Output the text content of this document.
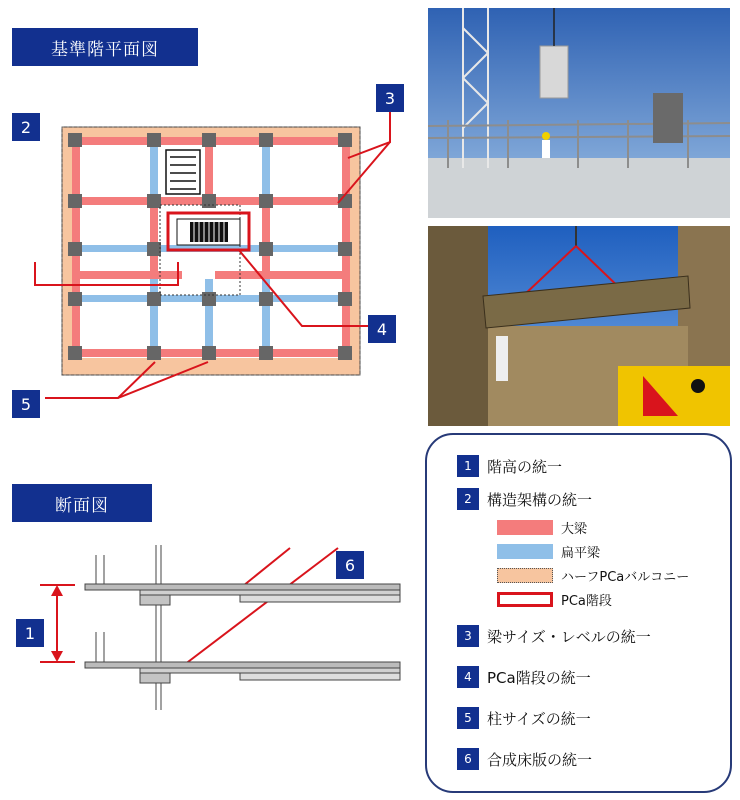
基準階平面図
断面図
2
3
4
5
6
1
1	階高の統一
2	構造架構の統一
大梁
扁平梁
ハーフPCaバルコニー
PCa階段
3	梁サイズ・レベルの統一
4	PCa階段の統一
5	柱サイズの統一
6	合成床版の統一
